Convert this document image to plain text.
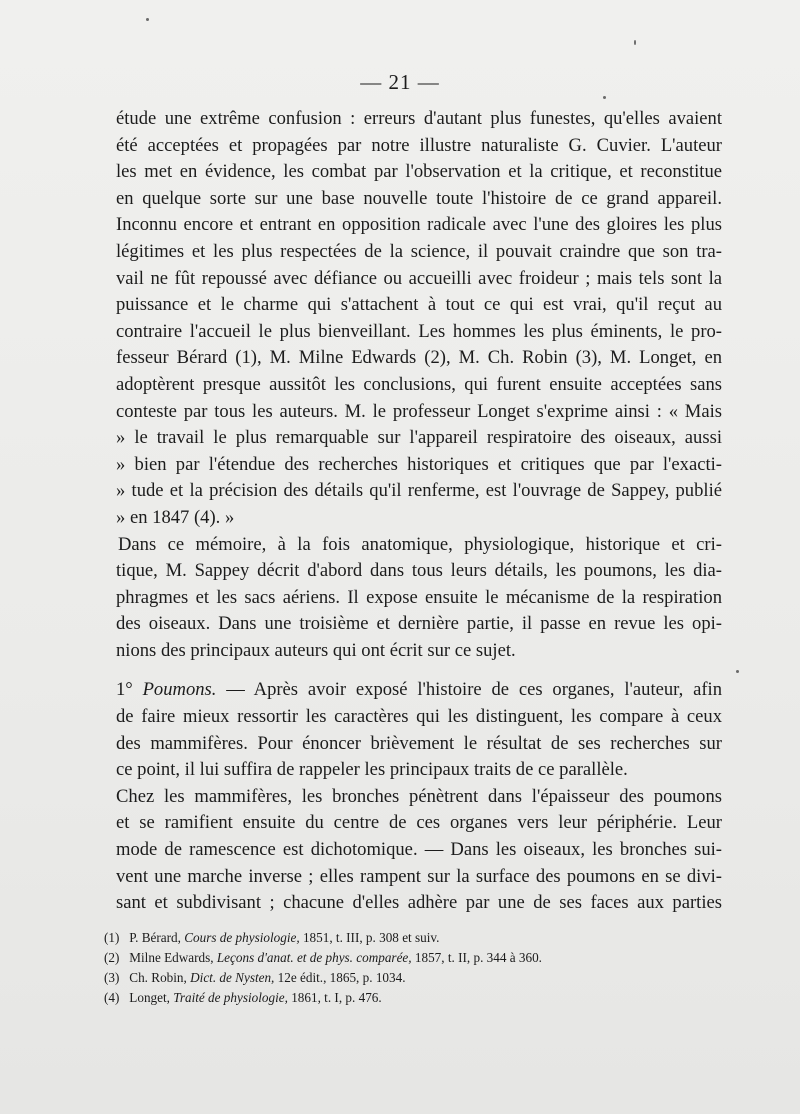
— 21 —
étude une extrême confusion : erreurs d'autant plus funestes, qu'elles avaient
été acceptées et propagées par notre illustre naturaliste G. Cuvier. L'auteur
les met en évidence, les combat par l'observation et la critique, et reconstitue
en quelque sorte sur une base nouvelle toute l'histoire de ce grand appareil.
Inconnu encore et entrant en opposition radicale avec l'une des gloires les plus
légitimes et les plus respectées de la science, il pouvait craindre que son tra-
vail ne fût repoussé avec défiance ou accueilli avec froideur ; mais tels sont la
puissance et le charme qui s'attachent à tout ce qui est vrai, qu'il reçut au
contraire l'accueil le plus bienveillant. Les hommes les plus éminents, le pro-
fesseur Bérard (1), M. Milne Edwards (2), M. Ch. Robin (3), M. Longet, en
adoptèrent presque aussitôt les conclusions, qui furent ensuite acceptées sans
conteste par tous les auteurs. M. le professeur Longet s'exprime ainsi : « Mais
» le travail le plus remarquable sur l'appareil respiratoire des oiseaux, aussi
» bien par l'étendue des recherches historiques et critiques que par l'exacti-
» tude et la précision des détails qu'il renferme, est l'ouvrage de Sappey, publié
» en 1847 (4). »
Dans ce mémoire, à la fois anatomique, physiologique, historique et cri-
tique, M. Sappey décrit d'abord dans tous leurs détails, les poumons, les dia-
phragmes et les sacs aériens. Il expose ensuite le mécanisme de la respiration
des oiseaux. Dans une troisième et dernière partie, il passe en revue les opi-
nions des principaux auteurs qui ont écrit sur ce sujet.
1° Poumons. — Après avoir exposé l'histoire de ces organes, l'auteur, afin
de faire mieux ressortir les caractères qui les distinguent, les compare à ceux
des mammifères. Pour énoncer brièvement le résultat de ses recherches sur
ce point, il lui suffira de rappeler les principaux traits de ce parallèle.
Chez les mammifères, les bronches pénètrent dans l'épaisseur des poumons
et se ramifient ensuite du centre de ces organes vers leur périphérie. Leur
mode de ramescence est dichotomique. — Dans les oiseaux, les bronches sui-
vent une marche inverse ; elles rampent sur la surface des poumons en se divi-
sant et subdivisant ; chacune d'elles adhère par une de ses faces aux parties
(1) P. Bérard, Cours de physiologie, 1851, t. III, p. 308 et suiv.
(2) Milne Edwards, Leçons d'anat. et de phys. comparée, 1857, t. II, p. 344 à 360.
(3) Ch. Robin, Dict. de Nysten, 12e édit., 1865, p. 1034.
(4) Longet, Traité de physiologie, 1861, t. I, p. 476.
